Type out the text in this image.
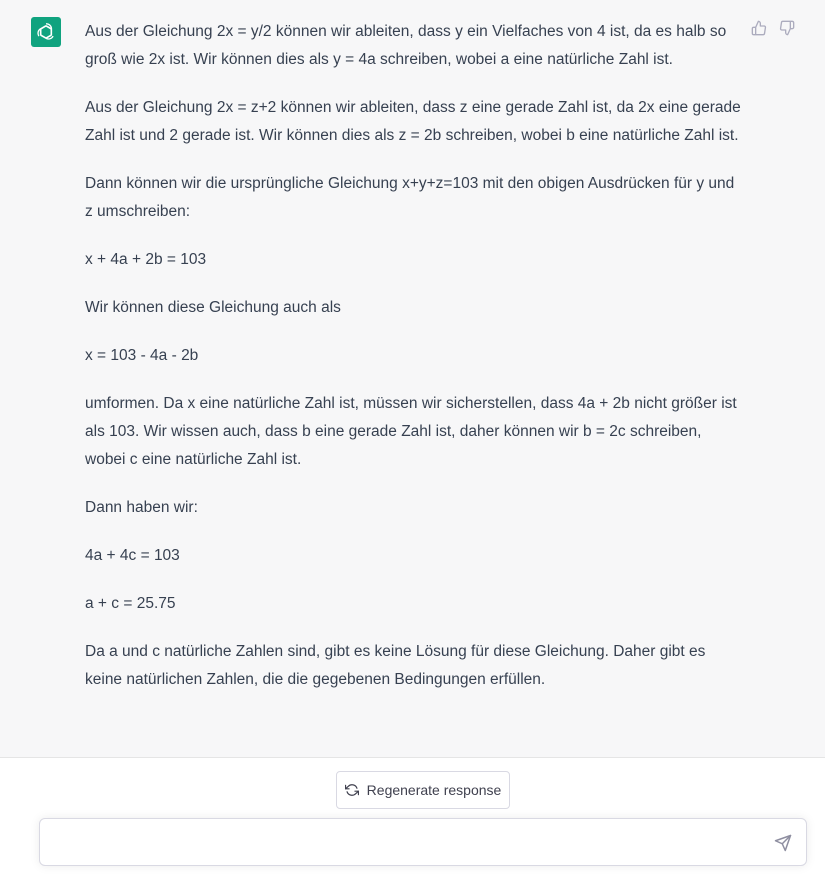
Aus der Gleichung 2x = y/2 können wir ableiten, dass y ein Vielfaches von 4 ist, da es halb so groß wie 2x ist. Wir können dies als y = 4a schreiben, wobei a eine natürliche Zahl ist.

Aus der Gleichung 2x = z+2 können wir ableiten, dass z eine gerade Zahl ist, da 2x eine gerade Zahl ist und 2 gerade ist. Wir können dies als z = 2b schreiben, wobei b eine natürliche Zahl ist.

Dann können wir die ursprüngliche Gleichung x+y+z=103 mit den obigen Ausdrücken für y und z umschreiben:

x + 4a + 2b = 103

Wir können diese Gleichung auch als

x = 103 - 4a - 2b

umformen. Da x eine natürliche Zahl ist, müssen wir sicherstellen, dass 4a + 2b nicht größer ist als 103. Wir wissen auch, dass b eine gerade Zahl ist, daher können wir b = 2c schreiben, wobei c eine natürliche Zahl ist.

Dann haben wir:

4a + 4c = 103

a + c = 25.75

Da a und c natürliche Zahlen sind, gibt es keine Lösung für diese Gleichung. Daher gibt es keine natürlichen Zahlen, die die gegebenen Bedingungen erfüllen.

Regenerate response
